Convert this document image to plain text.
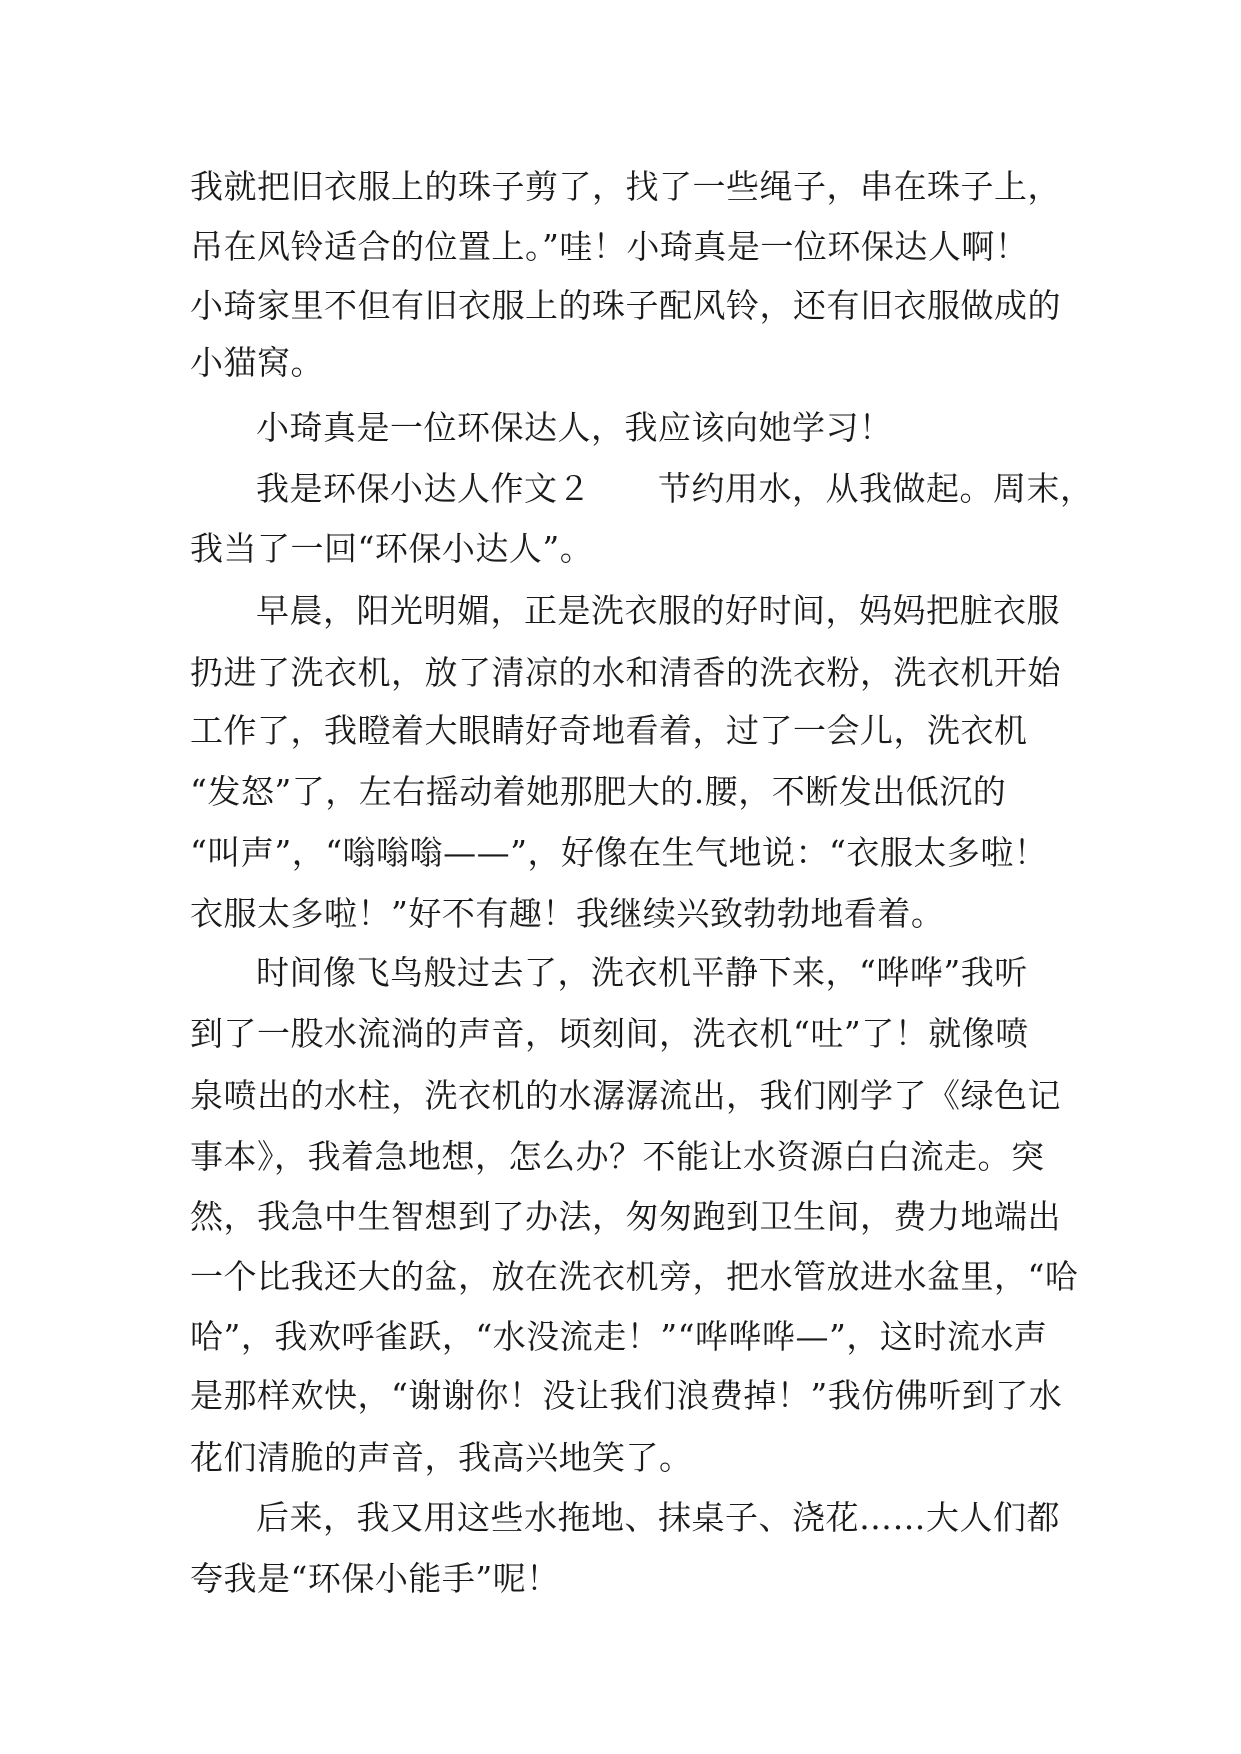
我就把旧衣服上的珠子剪了，找了一些绳子，串在珠子上，

吊在风铃适合的位置上。”哇！小琦真是一位环保达人啊！

小琦家里不但有旧衣服上的珠子配风铃，还有旧衣服做成的

小猫窝。

小琦真是一位环保达人，我应该向她学习！

我是环保小达人作文２　　节约用水，从我做起。周末，

我当了一回“环保小达人”。

早晨，阳光明媚，正是洗衣服的好时间，妈妈把脏衣服

扔进了洗衣机，放了清凉的水和清香的洗衣粉，洗衣机开始

工作了，我瞪着大眼睛好奇地看着，过了一会儿，洗衣机

“发怒”了，左右摇动着她那肥大的.腰，不断发出低沉的

“叫声”，“嗡嗡嗡——”，好像在生气地说：“衣服太多啦！

衣服太多啦！”好不有趣！我继续兴致勃勃地看着。

时间像飞鸟般过去了，洗衣机平静下来，“哗哗”我听

到了一股水流淌的声音，顷刻间，洗衣机“吐”了！就像喷

泉喷出的水柱，洗衣机的水潺潺流出，我们刚学了《绿色记

事本》，我着急地想，怎么办？不能让水资源白白流走。突

然，我急中生智想到了办法，匆匆跑到卫生间，费力地端出

一个比我还大的盆，放在洗衣机旁，把水管放进水盆里，“哈

哈”，我欢呼雀跃，“水没流走！”“哗哗哗—”，这时流水声

是那样欢快，“谢谢你！没让我们浪费掉！”我仿佛听到了水

花们清脆的声音，我高兴地笑了。

后来，我又用这些水拖地、抹桌子、浇花……大人们都

夸我是“环保小能手”呢！
